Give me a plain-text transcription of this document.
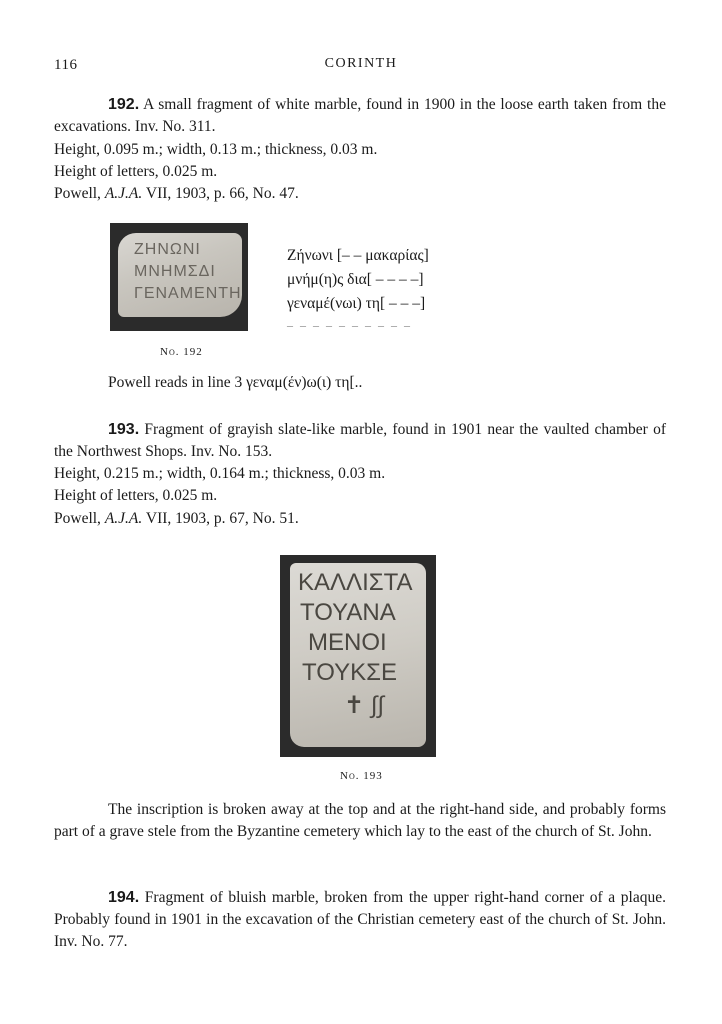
116	CORINTH
192. A small fragment of white marble, found in 1900 in the loose earth taken from the excavations. Inv. No. 311.
Height, 0.095 m.; width, 0.13 m.; thickness, 0.03 m.
Height of letters, 0.025 m.
Powell, A.J.A. VII, 1903, p. 66, No. 47.
ΖΗΝΩΝΙ
ΜΝΗΜΣΔΙ
ΓΕΝΑΜΕΝΤΗ
Ζήνωνι [– – μακαρίας]
μνήμ(η)ς δια[ – – – –]
γεναμέ(νωι) τη[ – – –]
– – – – – – – – – –
No. 192
Powell reads in line 3 γεναμ(έν)ω(ι) τη[..
193. Fragment of grayish slate-like marble, found in 1901 near the vaulted chamber of the Northwest Shops. Inv. No. 153.
Height, 0.215 m.; width, 0.164 m.; thickness, 0.03 m.
Height of letters, 0.025 m.
Powell, A.J.A. VII, 1903, p. 67, No. 51.
ΚΑΛΛΙΣΤΑ
ΤΟΥΑΝΑ
ΜΕΝΟΙ
ΤΟΥΚΣΕ
✝ ∫∫
No. 193
The inscription is broken away at the top and at the right-hand side, and probably forms part of a grave stele from the Byzantine cemetery which lay to the east of the church of St. John.
194. Fragment of bluish marble, broken from the upper right-hand corner of a plaque. Probably found in 1901 in the excavation of the Christian cemetery east of the church of St. John. Inv. No. 77.
